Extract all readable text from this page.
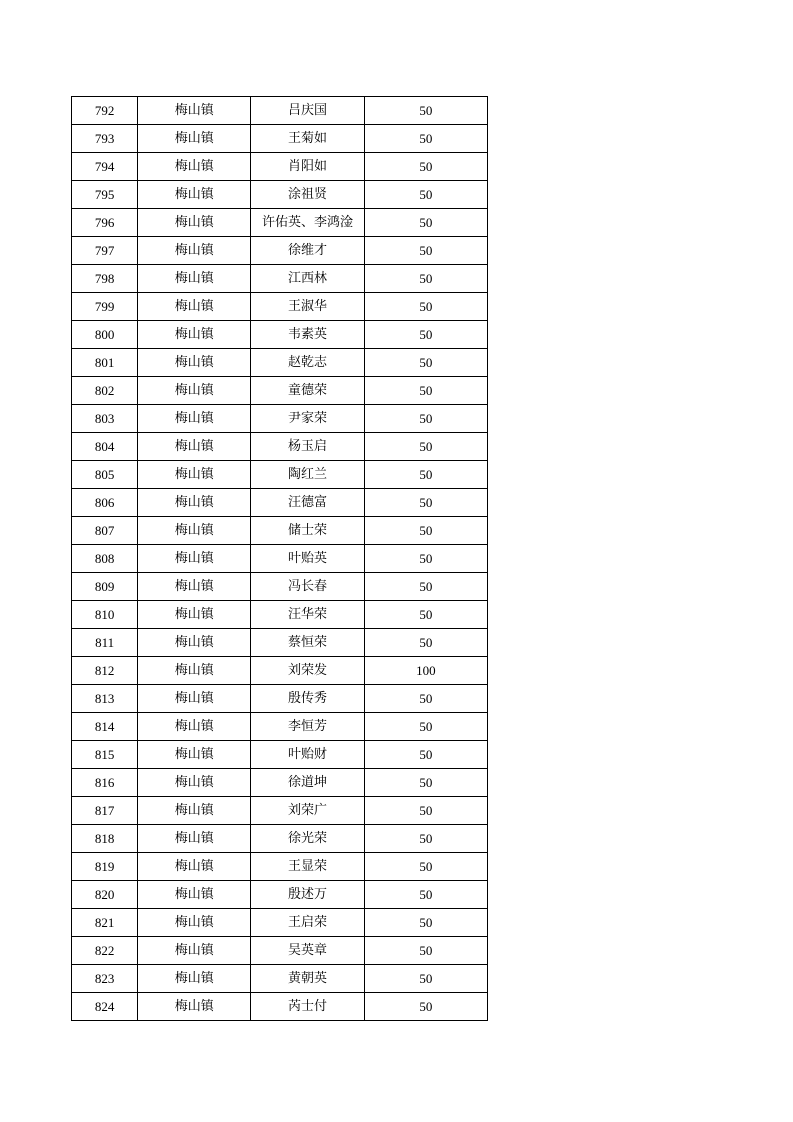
792	梅山镇	吕庆国	50
793	梅山镇	王菊如	50
794	梅山镇	肖阳如	50
795	梅山镇	涂祖贤	50
796	梅山镇	许佑英、李鸿淦	50
797	梅山镇	徐维才	50
798	梅山镇	江西林	50
799	梅山镇	王淑华	50
800	梅山镇	韦素英	50
801	梅山镇	赵乾志	50
802	梅山镇	童德荣	50
803	梅山镇	尹家荣	50
804	梅山镇	杨玉启	50
805	梅山镇	陶红兰	50
806	梅山镇	汪德富	50
807	梅山镇	储士荣	50
808	梅山镇	叶贻英	50
809	梅山镇	冯长春	50
810	梅山镇	汪华荣	50
811	梅山镇	蔡恒荣	50
812	梅山镇	刘荣发	100
813	梅山镇	殷传秀	50
814	梅山镇	李恒芳	50
815	梅山镇	叶贻财	50
816	梅山镇	徐道坤	50
817	梅山镇	刘荣广	50
818	梅山镇	徐光荣	50
819	梅山镇	王显荣	50
820	梅山镇	殷述万	50
821	梅山镇	王启荣	50
822	梅山镇	吴英章	50
823	梅山镇	黄朝英	50
824	梅山镇	芮士付	50
